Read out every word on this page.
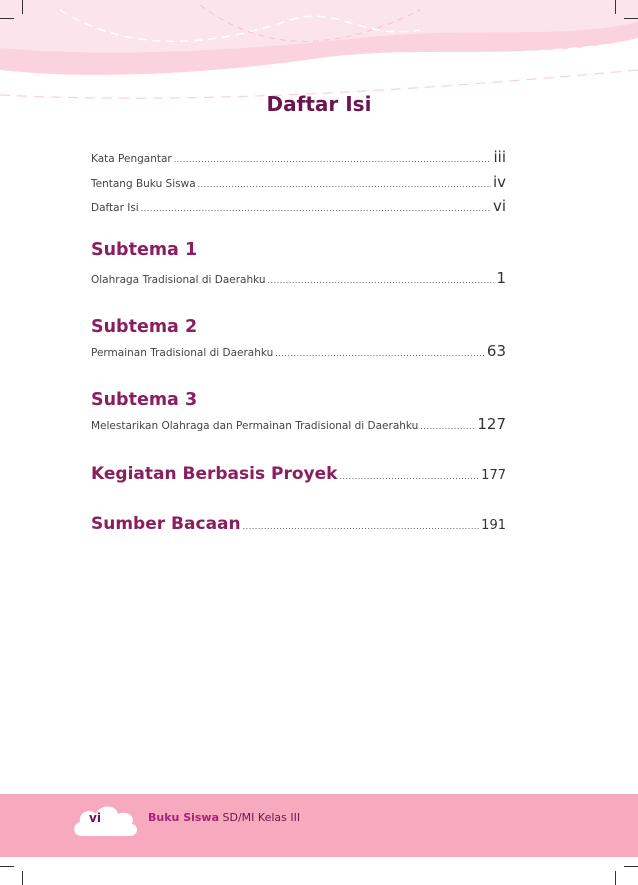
Daftar Isi
Kata Pengantar .....	iii
Tentang Buku Siswa .....	iv
Daftar Isi .....	vi
Subtema 1
Olahraga Tradisional di Daerahku .....	1
Subtema 2
Permainan Tradisional di Daerahku .....	63
Subtema 3
Melestarikan Olahraga dan Permainan Tradisional di Daerahku .....	127
Kegiatan Berbasis Proyek .....	177
Sumber Bacaan .....	191
vi	Buku Siswa SD/MI Kelas III
